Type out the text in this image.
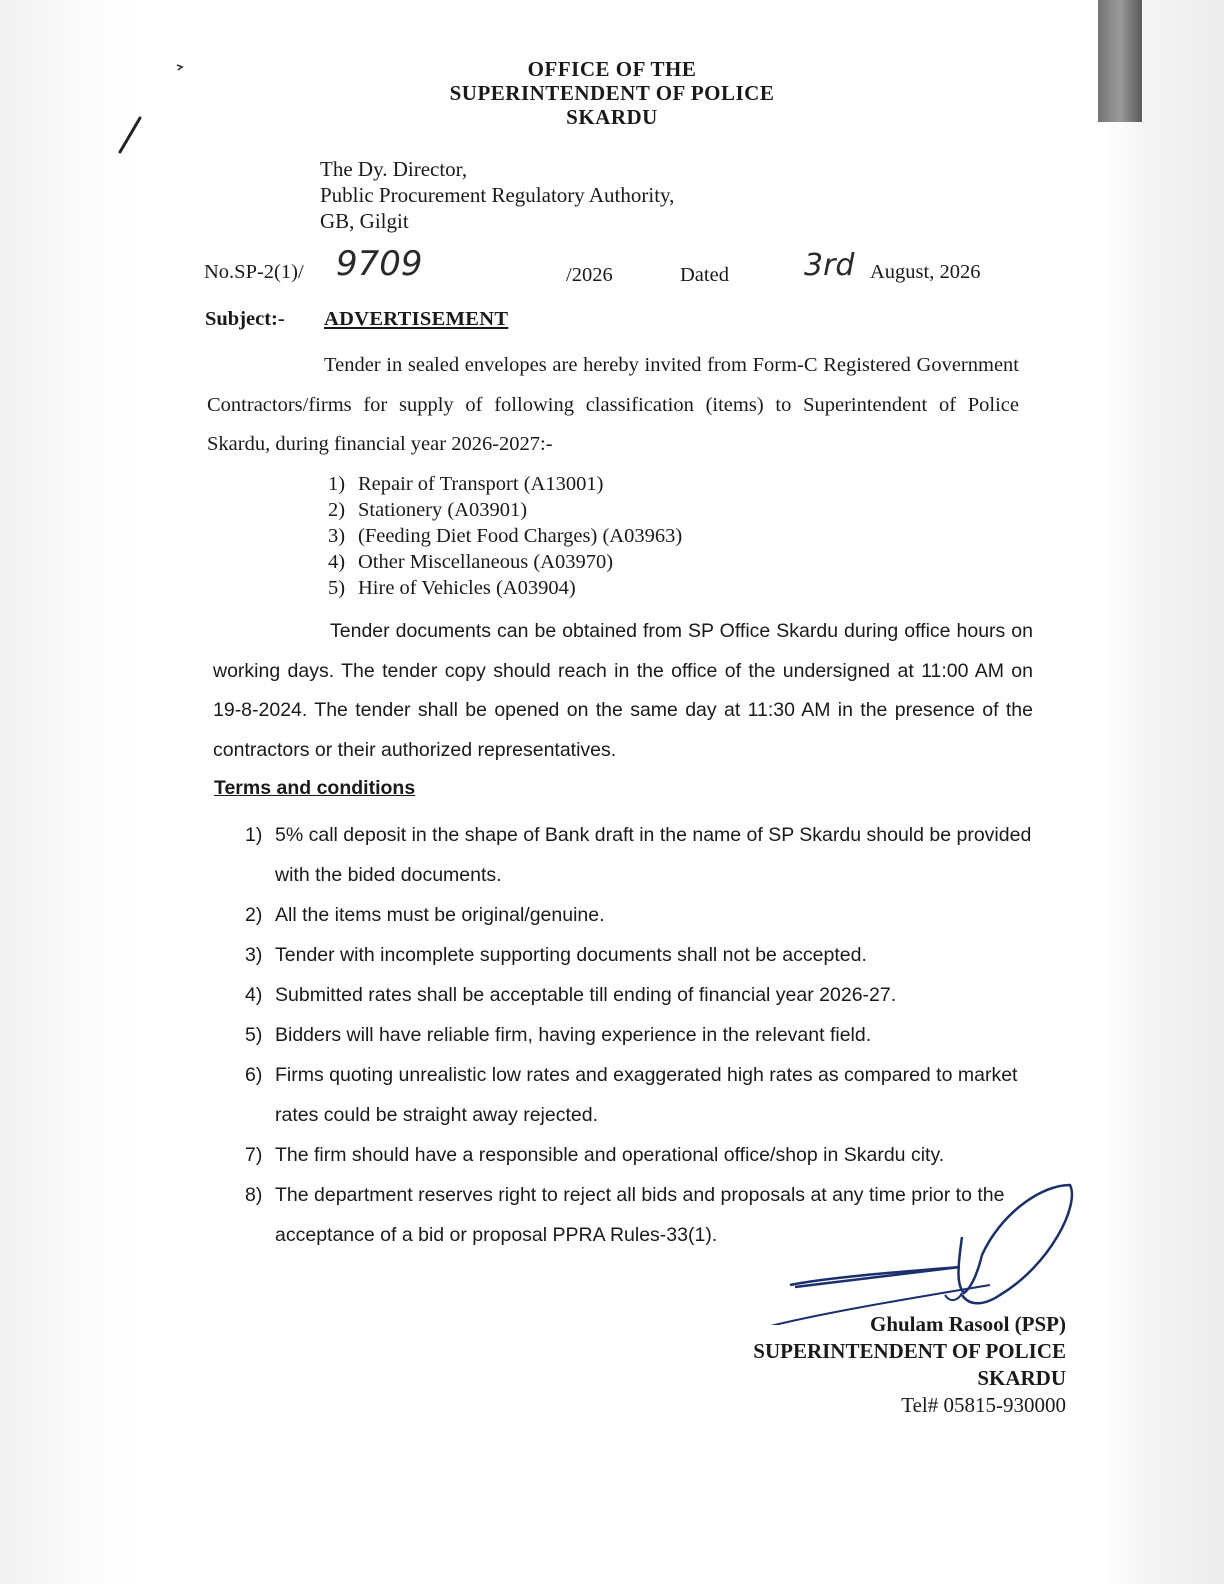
OFFICE OF THE
SUPERINTENDENT OF POLICE
SKARDU
The Dy. Director,
Public Procurement Regulatory Authority,
GB, Gilgit
No.SP-2(1)/ 9709	/2026	Dated	3rd August, 2026
Subject:- ADVERTISEMENT
Tender in sealed envelopes are hereby invited from Form-C Registered Government Contractors/firms for supply of following classification (items) to Superintendent of Police Skardu, during financial year 2026-2027:-
1) Repair of Transport (A13001)
2) Stationery (A03901)
3) (Feeding Diet Food Charges) (A03963)
4) Other Miscellaneous (A03970)
5) Hire of Vehicles (A03904)
Tender documents can be obtained from SP Office Skardu during office hours on working days. The tender copy should reach in the office of the undersigned at 11:00 AM on 19-8-2024. The tender shall be opened on the same day at 11:30 AM in the presence of the contractors or their authorized representatives.
Terms and conditions
1) 5% call deposit in the shape of Bank draft in the name of SP Skardu should be provided with the bided documents.
2) All the items must be original/genuine.
3) Tender with incomplete supporting documents shall not be accepted.
4) Submitted rates shall be acceptable till ending of financial year 2026-27.
5) Bidders will have reliable firm, having experience in the relevant field.
6) Firms quoting unrealistic low rates and exaggerated high rates as compared to market rates could be straight away rejected.
7) The firm should have a responsible and operational office/shop in Skardu city.
8) The department reserves right to reject all bids and proposals at any time prior to the acceptance of a bid or proposal PPRA Rules-33(1).
Ghulam Rasool (PSP)
SUPERINTENDENT OF POLICE
SKARDU
Tel# 05815-930000
